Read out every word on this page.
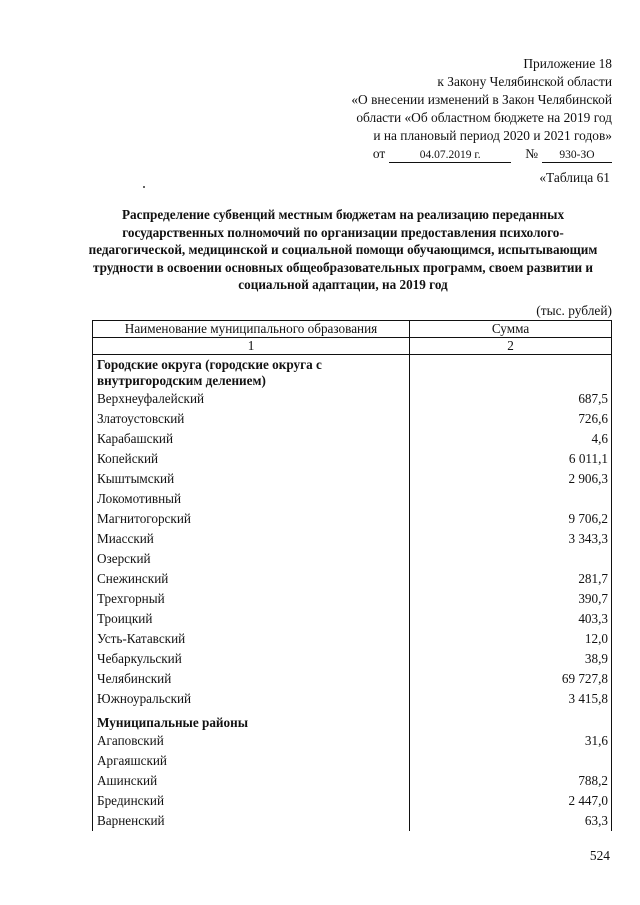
Приложение 18
к Закону Челябинской области
«О внесении изменений в Закон Челябинской
области «Об областном бюджете на 2019 год
и на плановый период 2020 и 2021 годов»
от	04.07.2019 г.	№	930-ЗО
«Таблица 61
Распределение субвенций местным бюджетам на реализацию переданных государственных полномочий по организации предоставления психолого-педагогической, медицинской и социальной помощи обучающимся, испытывающим трудности в освоении основных общеобразовательных программ, своем развитии и социальной адаптации, на 2019 год
(тыс. рублей)
Наименование муниципального образования	Сумма
1	2
Городские округа (городские округа с внутригородским делением)	
Верхнеуфалейский	687,5
Златоустовский	726,6
Карабашский	4,6
Копейский	6 011,1
Кыштымский	2 906,3
Локомотивный	
Магнитогорский	9 706,2
Миасский	3 343,3
Озерский	
Снежинский	281,7
Трехгорный	390,7
Троицкий	403,3
Усть-Катавский	12,0
Чебаркульский	38,9
Челябинский	69 727,8
Южноуральский	3 415,8
Муниципальные районы	
Агаповский	31,6
Аргаяшский	
Ашинский	788,2
Брединский	2 447,0
Варненский	63,3
524
